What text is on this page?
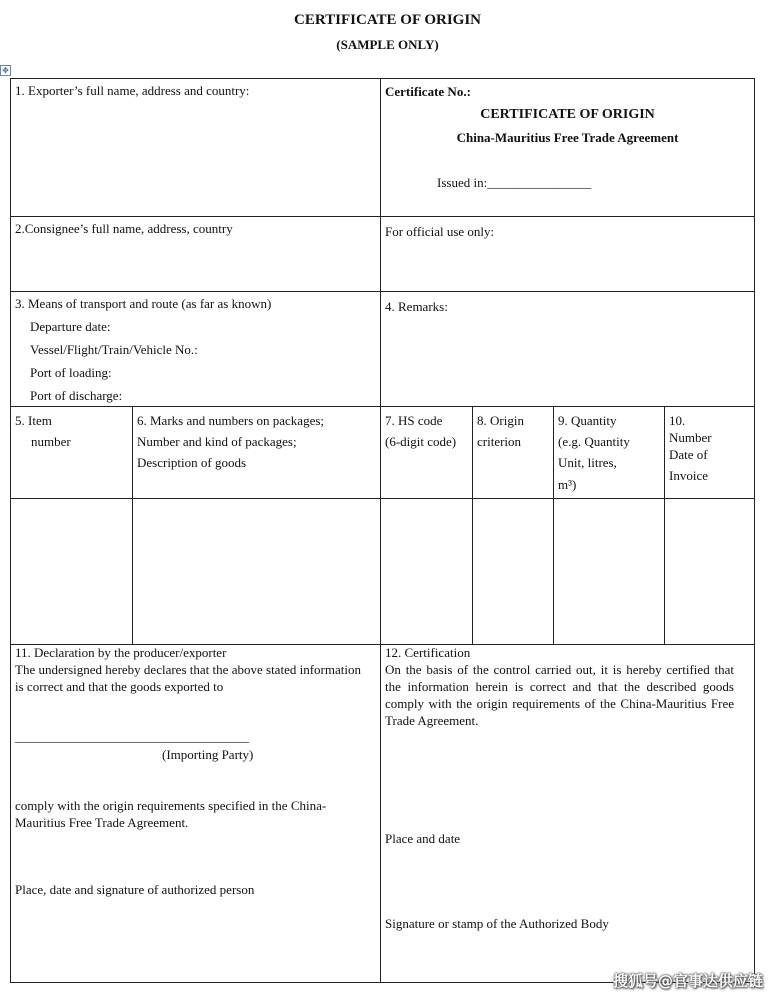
CERTIFICATE OF ORIGIN
(SAMPLE ONLY)
✥
1. Exporter’s full name, address and country:	Certificate No.:
CERTIFICATE OF ORIGIN
China-Mauritius Free Trade Agreement
Issued in:________________
2.Consignee’s full name, address, country	For official use only:
3. Means of transport and route (as far as known)
Departure date:
Vessel/Flight/Train/Vehicle No.:
Port of loading:
Port of discharge:
4. Remarks:
5. Item
number
6. Marks and numbers on packages;
Number and kind of packages;
Description of goods
7. HS code
(6-digit code)
8. Origin
criterion
9. Quantity
(e.g. Quantity
Unit, litres,
m³)
10.
Number
Date of
Invoice
11. Declaration by the producer/exporter
The undersigned hereby declares that the above stated information is correct and that the goods exported to
____________________________________
(Importing Party)
comply with the origin requirements specified in the China-Mauritius Free Trade Agreement.
Place, date and signature of authorized person
12. Certification
On the basis of the control carried out, it is hereby certified that the information herein is correct and that the described goods comply with the origin requirements of the China-Mauritius Free Trade Agreement.
Place and date
Signature or stamp of the Authorized Body
搜狐号@官事达供应链
